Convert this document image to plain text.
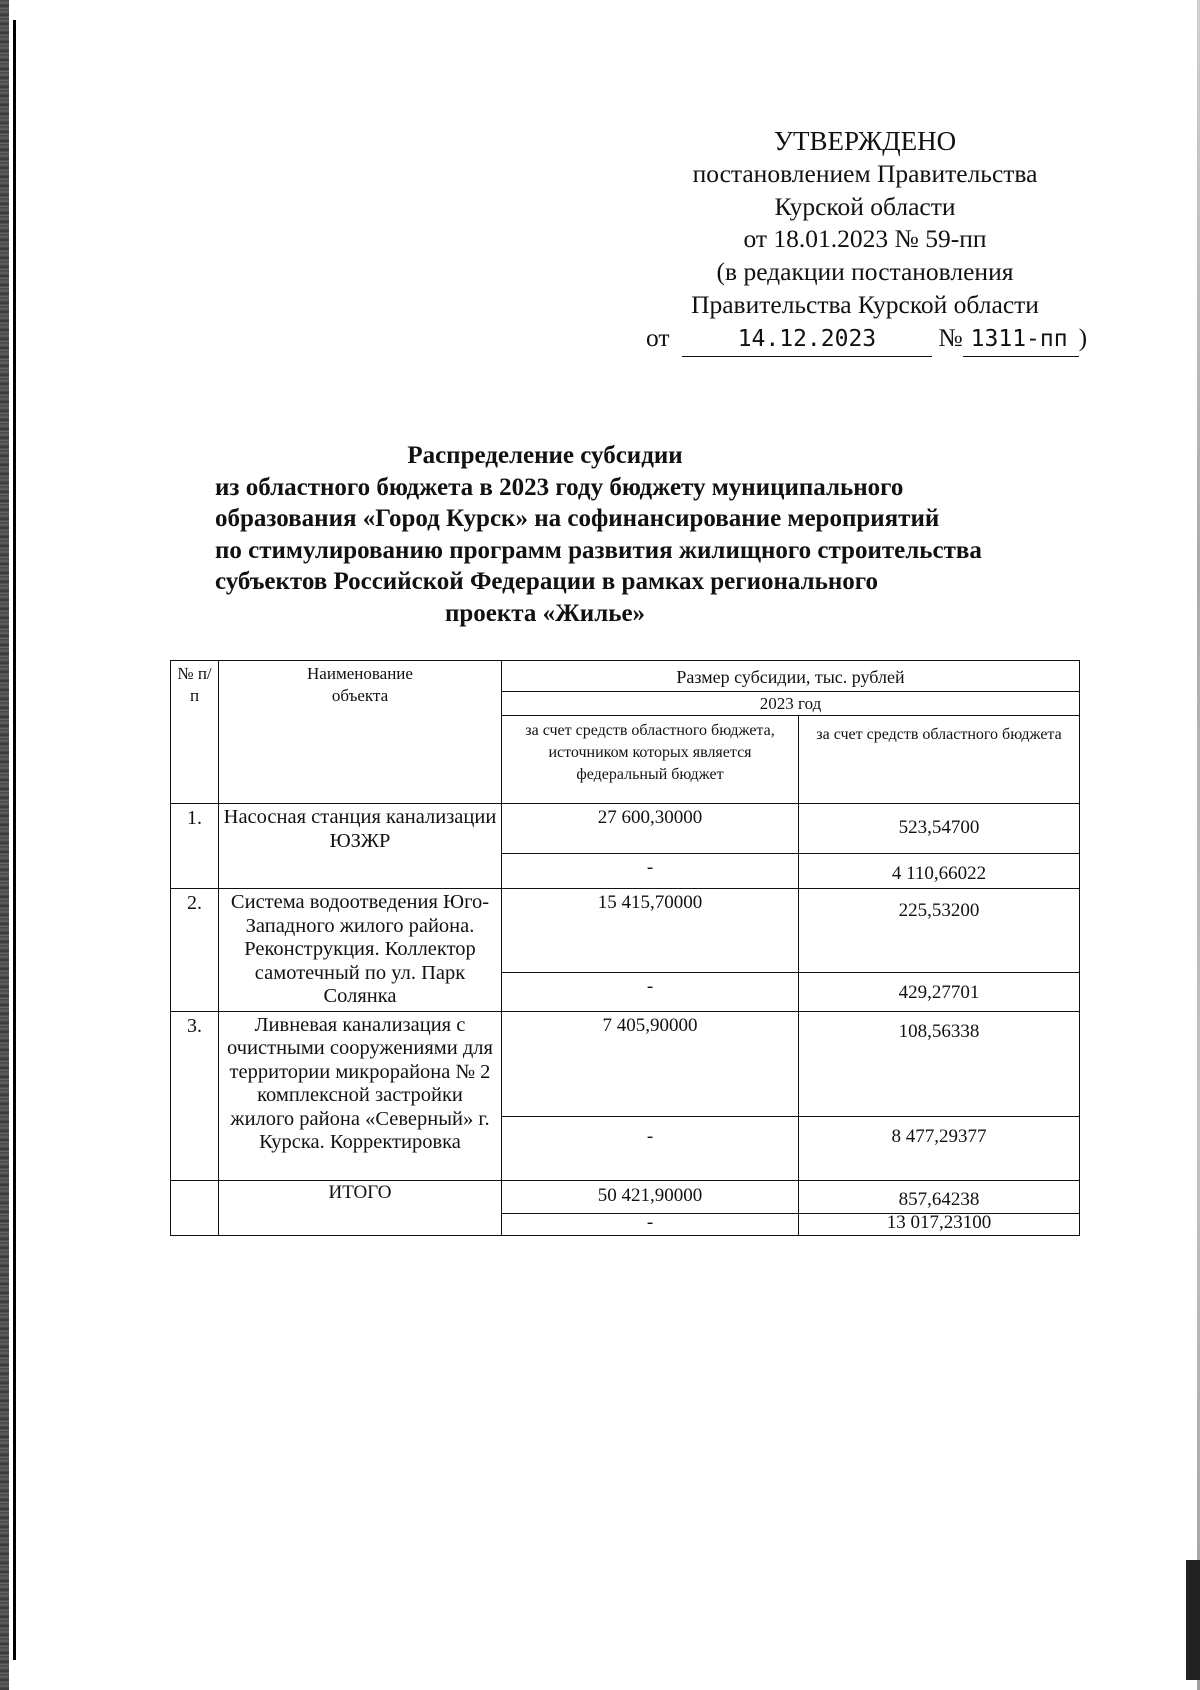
УТВЕРЖДЕНО
постановлением Правительства
Курской области
от 18.01.2023 № 59-пп
(в редакции постановления
Правительства Курской области
от	14.12.2023 № 1311-пп )
Распределение субсидии
из областного бюджета в 2023 году бюджету муниципального
образования «Город Курск» на софинансирование мероприятий
по стимулированию программ развития жилищного строительства
субъектов Российской Федерации в рамках регионального
проекта «Жилье»
№ п/п	Наименование объекта	Размер субсидии, тыс. рублей	
		2023 год	
		за счет средств областного бюджета, источником которых является федеральный бюджет	за счет средств областного бюджета
1.	Насосная станция канализации ЮЗЖР	27 600,30000	523,54700
		-	4 110,66022
2.	Система водоотведения Юго-Западного жилого района. Реконструкция. Коллектор самотечный по ул. Парк Солянка	15 415,70000	225,53200
		-	429,27701
3.	Ливневая канализация с очистными сооружениями для территории микрорайона № 2 комплексной застройки жилого района «Северный» г. Курска. Корректировка	7 405,90000	108,56338
		-	8 477,29377
	ИТОГО	50 421,90000	857,64238
		-	13 017,23100
